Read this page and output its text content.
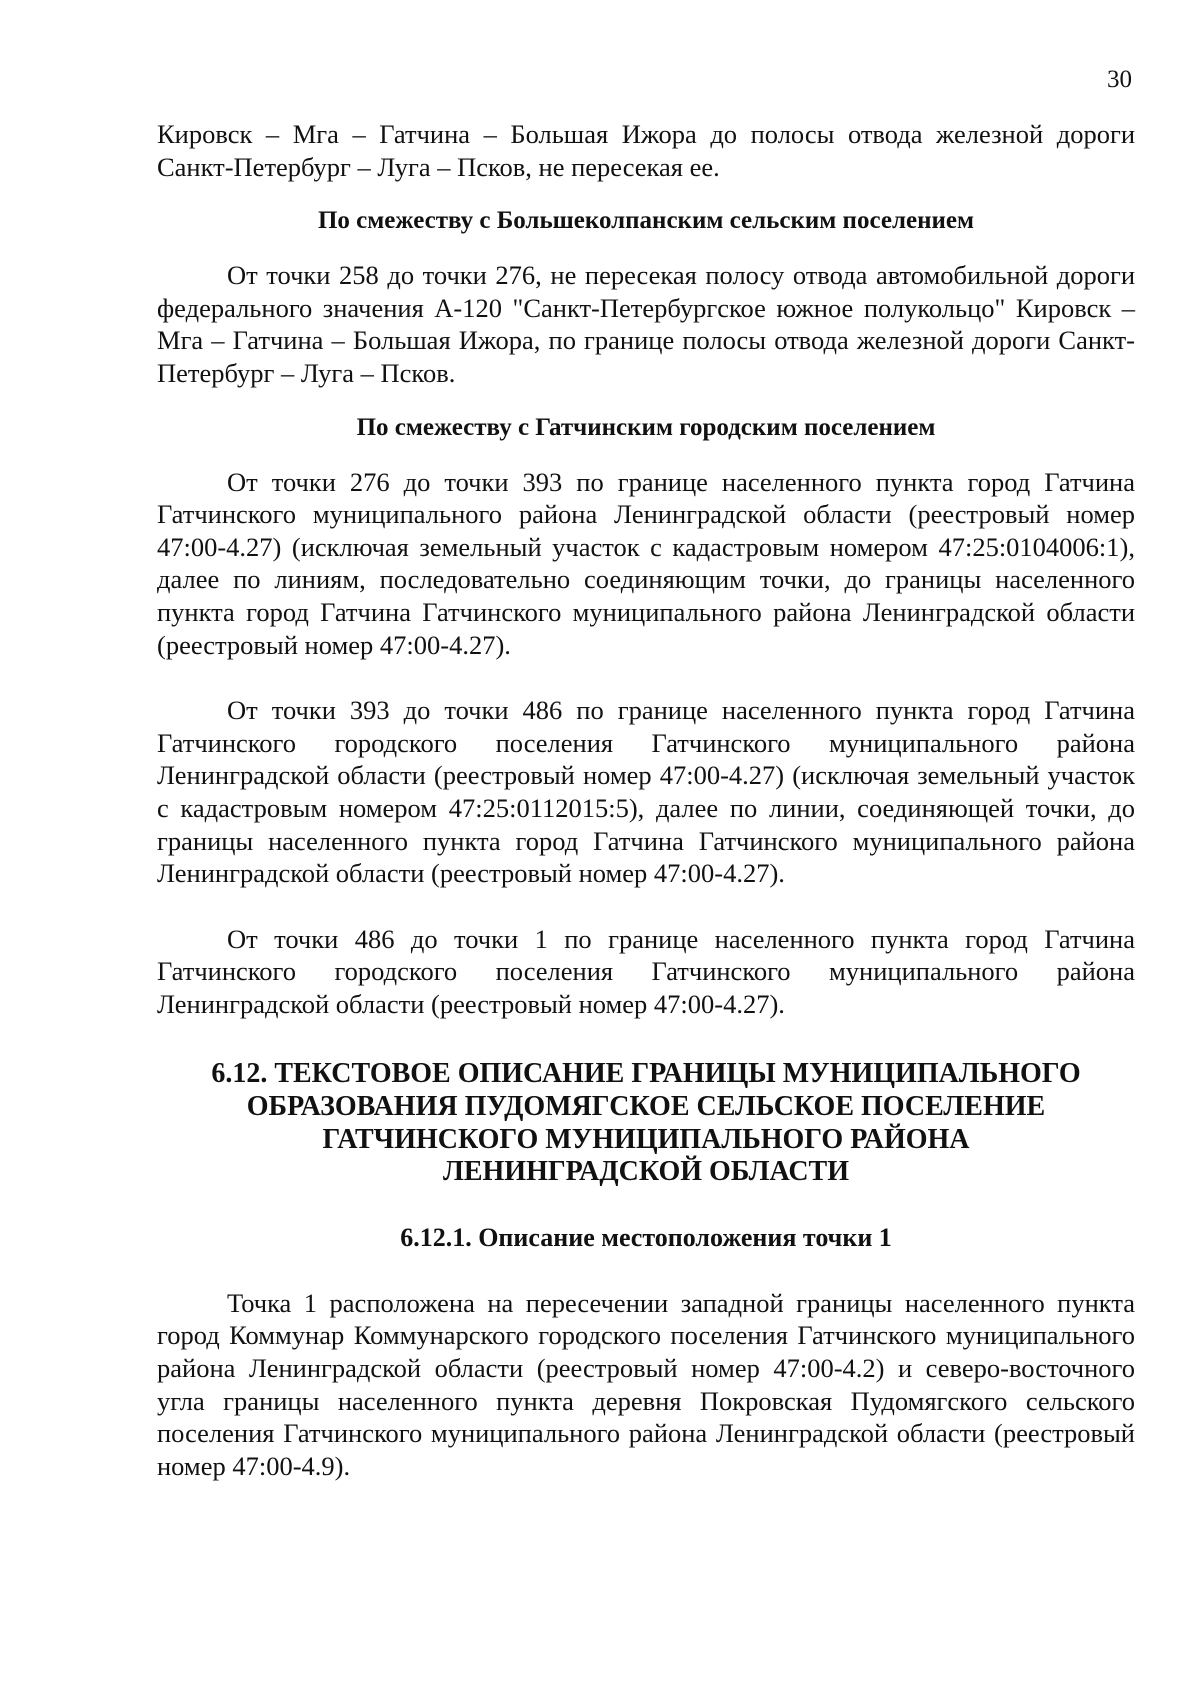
30

Кировск – Мга – Гатчина – Большая Ижора до полосы отвода железной дороги Санкт-Петербург – Луга – Псков, не пересекая ее.

По смежеству с Большеколпанским сельским поселением

От точки 258 до точки 276, не пересекая полосу отвода автомобильной дороги федерального значения А-120 "Санкт-Петербургское южное полукольцо" Кировск – Мга – Гатчина – Большая Ижора, по границе полосы отвода железной дороги Санкт-Петербург – Луга – Псков.

По смежеству с Гатчинским городским поселением

От точки 276 до точки 393 по границе населенного пункта город Гатчина Гатчинского муниципального района Ленинградской области (реестровый номер 47:00-4.27) (исключая земельный участок с кадастровым номером 47:25:0104006:1), далее по линиям, последовательно соединяющим точки, до границы населенного пункта город Гатчина Гатчинского муниципального района Ленинградской области (реестровый номер 47:00-4.27).

От точки 393 до точки 486 по границе населенного пункта город Гатчина Гатчинского городского поселения Гатчинского муниципального района Ленинградской области (реестровый номер 47:00-4.27) (исключая земельный участок с кадастровым номером 47:25:0112015:5), далее по линии, соединяющей точки, до границы населенного пункта город Гатчина Гатчинского муниципального района Ленинградской области (реестровый номер 47:00-4.27).

От точки 486 до точки 1 по границе населенного пункта город Гатчина Гатчинского городского поселения Гатчинского муниципального района Ленинградской области (реестровый номер 47:00-4.27).

6.12. ТЕКСТОВОЕ ОПИСАНИЕ ГРАНИЦЫ МУНИЦИПАЛЬНОГО

ОБРАЗОВАНИЯ ПУДОМЯГСКОЕ СЕЛЬСКОЕ ПОСЕЛЕНИЕ

ГАТЧИНСКОГО МУНИЦИПАЛЬНОГО РАЙОНА

ЛЕНИНГРАДСКОЙ ОБЛАСТИ

6.12.1. Описание местоположения точки 1

Точка 1 расположена на пересечении западной границы населенного пункта город Коммунар Коммунарского городского поселения Гатчинского муниципального района Ленинградской области (реестровый номер 47:00-4.2) и северо-восточного угла границы населенного пункта деревня Покровская Пудомягского сельского поселения Гатчинского муниципального района Ленинградской области (реестровый номер 47:00-4.9).
